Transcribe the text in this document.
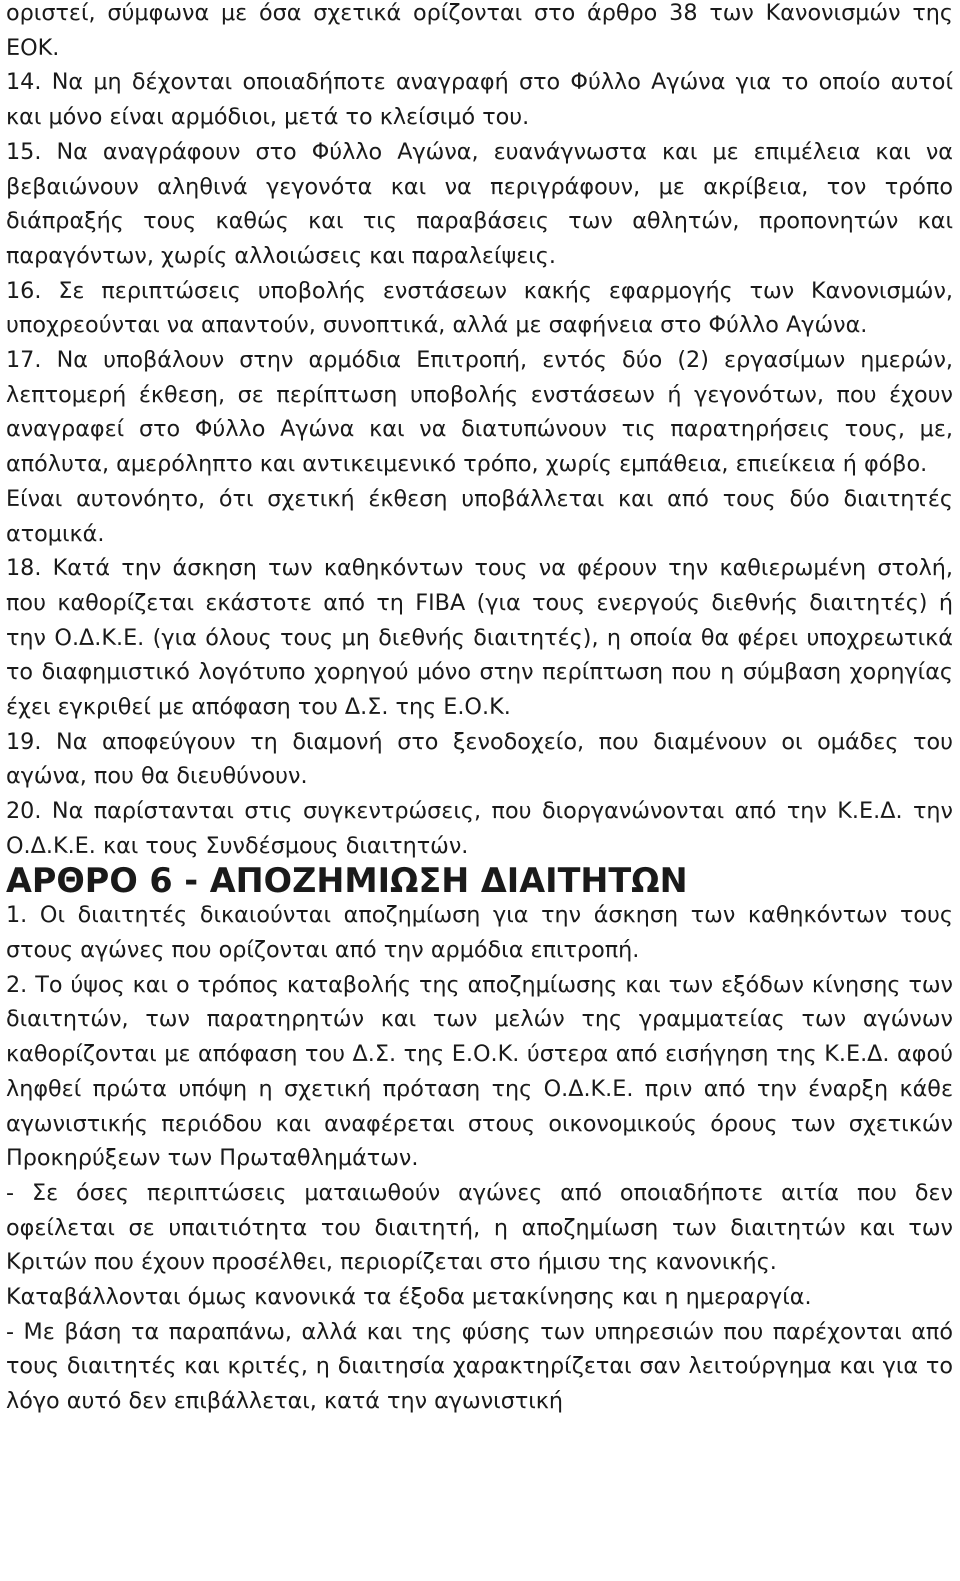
οριστεί, σύμφωνα με όσα σχετικά ορίζονται στο άρθρο 38 των Κανονισμών της ΕΟΚ.

14. Να μη δέχονται οποιαδήποτε αναγραφή στο Φύλλο Αγώνα για το οποίο αυτοί και μόνο είναι αρμόδιοι, μετά το κλείσιμό του.

15. Να αναγράφουν στο Φύλλο Αγώνα, ευανάγνωστα και με επιμέλεια και να βεβαιώνουν αληθινά γεγονότα και να περιγράφουν, με ακρίβεια, τον τρόπο διάπραξής τους καθώς και τις παραβάσεις των αθλητών, προπονητών και παραγόντων, χωρίς αλλοιώσεις και παραλείψεις.

16. Σε περιπτώσεις υποβολής ενστάσεων κακής εφαρμογής των Κανονισμών, υποχρεούνται να απαντούν, συνοπτικά, αλλά με σαφήνεια στο Φύλλο Αγώνα.

17. Να υποβάλουν στην αρμόδια Επιτροπή, εντός δύο (2) εργασίμων ημερών, λεπτομερή έκθεση, σε περίπτωση υποβολής ενστάσεων ή γεγονότων, που έχουν αναγραφεί στο Φύλλο Αγώνα και να διατυπώνουν τις παρατηρήσεις τους, με, απόλυτα, αμερόληπτο και αντικειμενικό τρόπο, χωρίς εμπάθεια, επιείκεια ή φόβο.

Είναι αυτονόητο, ότι σχετική έκθεση υποβάλλεται και από τους δύο διαιτητές ατομικά.

18. Κατά την άσκηση των καθηκόντων τους να φέρουν την καθιερωμένη στολή, που καθορίζεται εκάστοτε από τη FIBA (για τους ενεργούς διεθνής διαιτητές) ή την Ο.Δ.Κ.Ε. (για όλους τους μη διεθνής διαιτητές), η οποία θα φέρει υποχρεωτικά το διαφημιστικό λογότυπο χορηγού μόνο στην περίπτωση που η σύμβαση χορηγίας έχει εγκριθεί με απόφαση του Δ.Σ. της Ε.Ο.Κ.

19. Να αποφεύγουν τη διαμονή στο ξενοδοχείο, που διαμένουν οι ομάδες του αγώνα, που θα διευθύνουν.

20. Να παρίστανται στις συγκεντρώσεις, που διοργανώνονται από την Κ.Ε.Δ. την Ο.Δ.Κ.Ε. και τους Συνδέσμους διαιτητών.

ΑΡΘΡΟ 6 - ΑΠΟΖΗΜΙΩΣΗ ΔΙΑΙΤΗΤΩΝ

1. Οι διαιτητές δικαιούνται αποζημίωση για την άσκηση των καθηκόντων τους στους αγώνες που ορίζονται από την αρμόδια επιτροπή.

2. Το ύψος και ο τρόπος καταβολής της αποζημίωσης και των εξόδων κίνησης των διαιτητών, των παρατηρητών και των μελών της γραμματείας των αγώνων καθορίζονται με απόφαση του Δ.Σ. της Ε.Ο.Κ. ύστερα από εισήγηση της Κ.Ε.Δ. αφού ληφθεί πρώτα υπόψη η σχετική πρόταση της Ο.Δ.Κ.Ε. πριν από την έναρξη κάθε αγωνιστικής περιόδου και αναφέρεται στους οικονομικούς όρους των σχετικών Προκηρύξεων των Πρωταθλημάτων.

- Σε όσες περιπτώσεις ματαιωθούν αγώνες από οποιαδήποτε αιτία που δεν οφείλεται σε υπαιτιότητα του διαιτητή, η αποζημίωση των διαιτητών και των Κριτών που έχουν προσέλθει, περιορίζεται στο ήμισυ της κανονικής.

Καταβάλλονται όμως κανονικά τα έξοδα μετακίνησης και η ημεραργία.

- Με βάση τα παραπάνω, αλλά και της φύσης των υπηρεσιών που παρέχονται από τους διαιτητές και κριτές, η διαιτησία χαρακτηρίζεται σαν λειτούργημα και για το λόγο αυτό δεν επιβάλλεται, κατά την αγωνιστική
